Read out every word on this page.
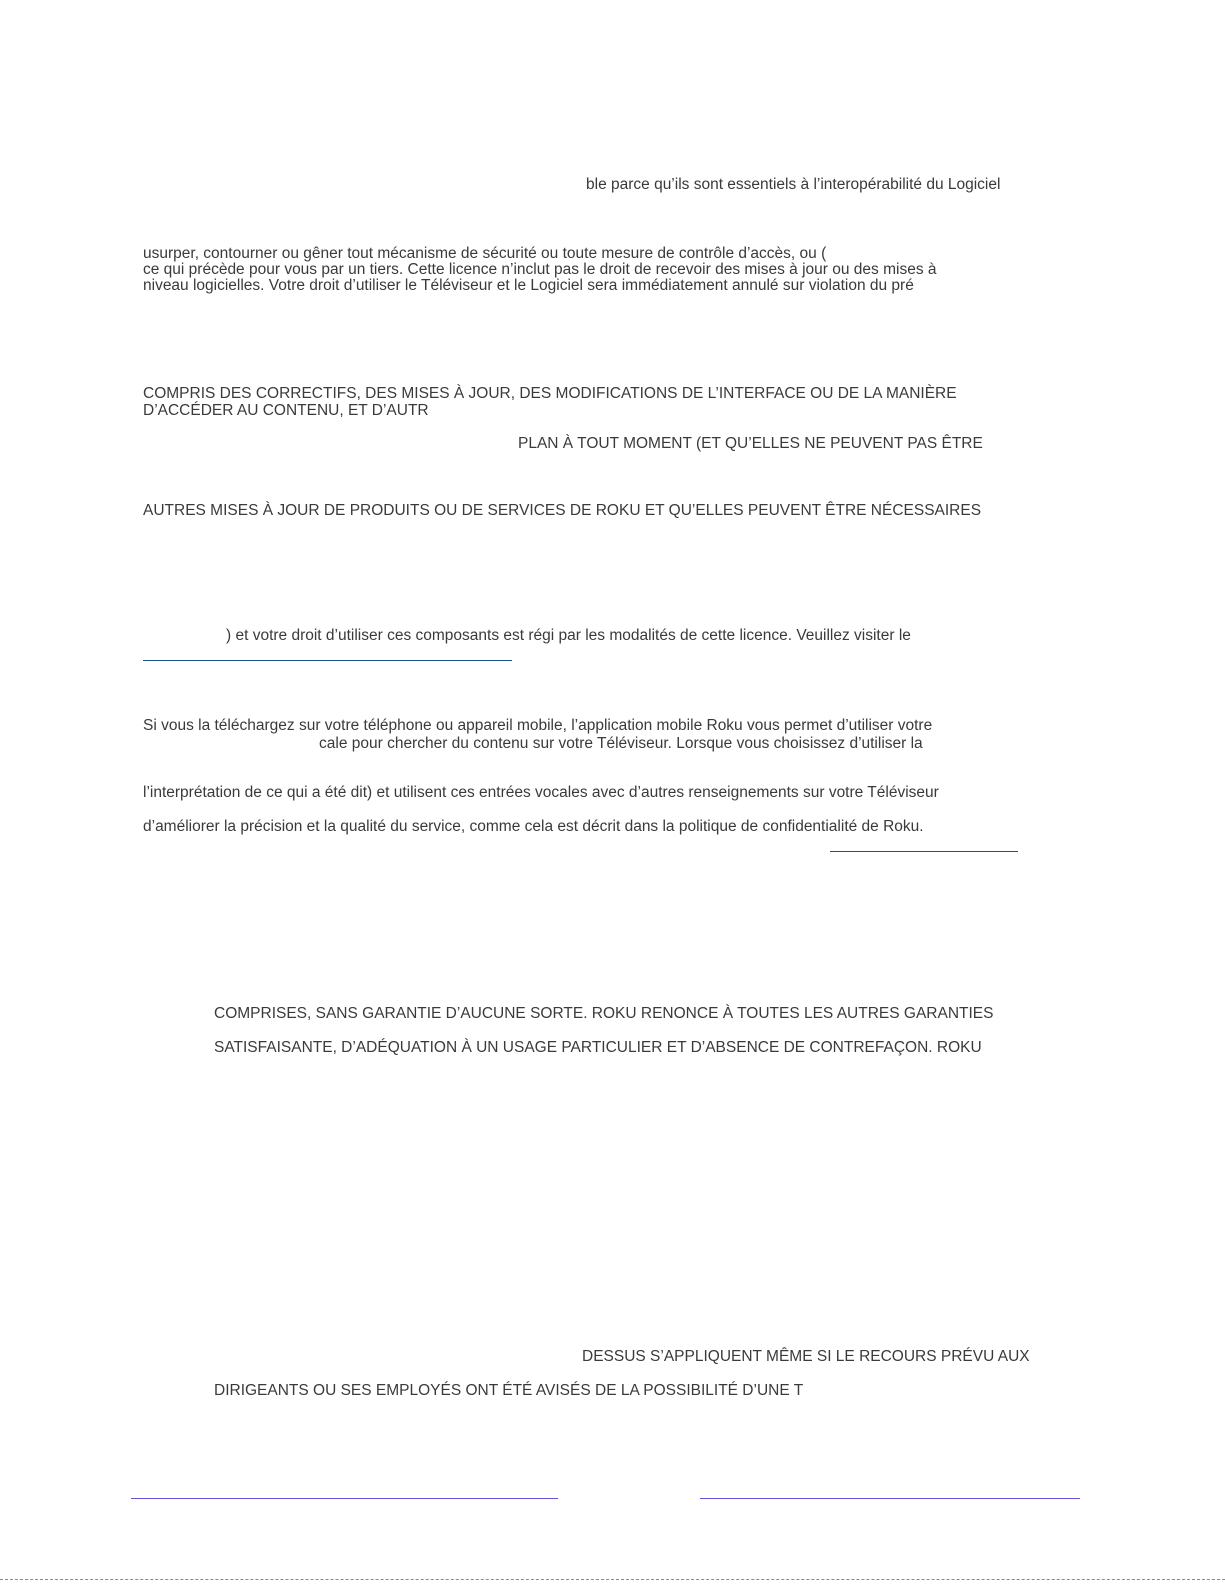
ble parce qu’ils sont essentiels à l’interopérabilité du Logiciel
usurper, contourner ou gêner tout mécanisme de sécurité ou toute mesure de contrôle d’accès, ou (
ce qui précède pour vous par un tiers. Cette licence n’inclut pas le droit de recevoir des mises à jour ou des mises à
niveau logicielles. Votre droit d’utiliser le Téléviseur et le Logiciel sera immédiatement annulé sur violation du pré
COMPRIS DES CORRECTIFS, DES MISES À JOUR, DES MODIFICATIONS DE L’INTERFACE OU DE LA MANIÈRE
D’ACCÉDER AU CONTENU, ET D’AUTR
PLAN À TOUT MOMENT (ET QU’ELLES NE PEUVENT PAS ÊTRE
AUTRES MISES À JOUR DE PRODUITS OU DE SERVICES DE ROKU ET QU’ELLES PEUVENT ÊTRE NÉCESSAIRES
) et votre droit d’utiliser ces composants est régi par les modalités de cette licence. Veuillez visiter le
Si vous la téléchargez sur votre téléphone ou appareil mobile, l’application mobile Roku vous permet d’utiliser votre
cale pour chercher du contenu sur votre Téléviseur. Lorsque vous choisissez d’utiliser la
l’interprétation de ce qui a été dit) et utilisent ces entrées vocales avec d’autres renseignements sur votre Téléviseur
d’améliorer la précision et la qualité du service, comme cela est décrit dans la politique de confidentialité de Roku.
COMPRISES, SANS GARANTIE D’AUCUNE SORTE. ROKU RENONCE À TOUTES LES AUTRES GARANTIES
SATISFAISANTE, D’ADÉQUATION À UN USAGE PARTICULIER ET D’ABSENCE DE CONTREFAÇON. ROKU
DESSUS S’APPLIQUENT MÊME SI LE RECOURS PRÉVU AUX
DIRIGEANTS OU SES EMPLOYÉS ONT ÉTÉ AVISÉS DE LA POSSIBILITÉ D’UNE T
